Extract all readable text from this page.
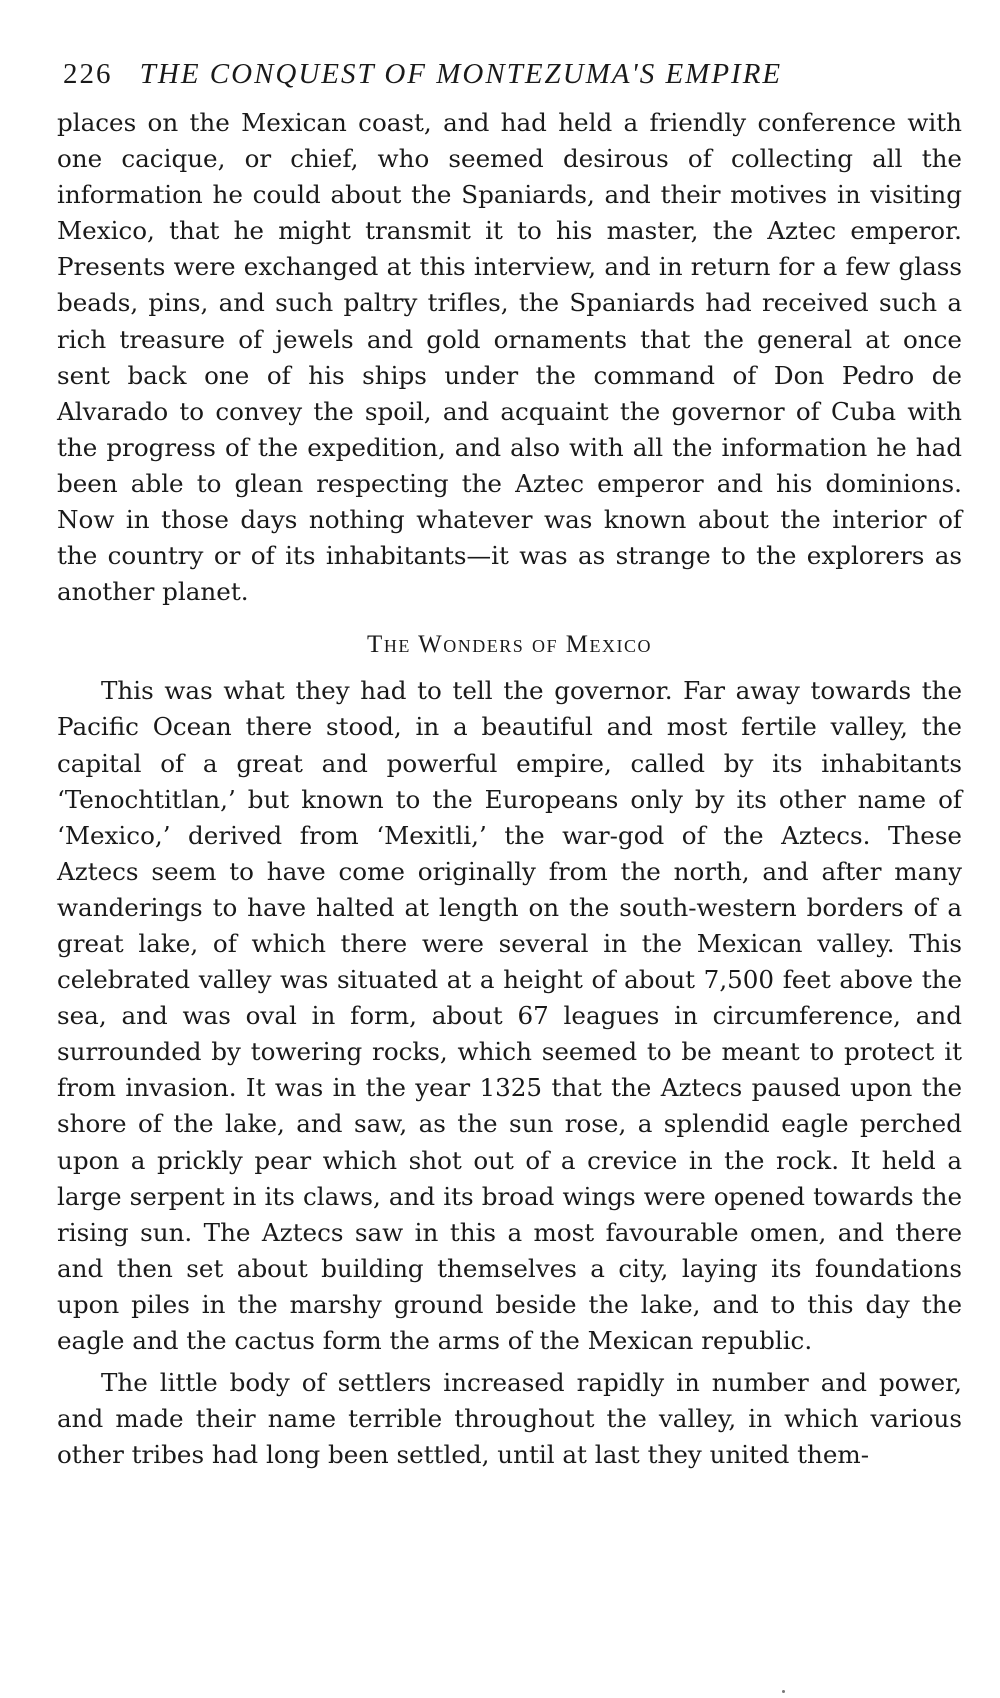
226 THE CONQUEST OF MONTEZUMA'S EMPIRE

places on the Mexican coast, and had held a friendly conference with one cacique, or chief, who seemed desirous of collecting all the information he could about the Spaniards, and their motives in visiting Mexico, that he might transmit it to his master, the Aztec emperor. Presents were exchanged at this interview, and in return for a few glass beads, pins, and such paltry trifles, the Spaniards had received such a rich treasure of jewels and gold ornaments that the general at once sent back one of his ships under the command of Don Pedro de Alvarado to convey the spoil, and acquaint the governor of Cuba with the progress of the expedition, and also with all the information he had been able to glean respecting the Aztec emperor and his dominions. Now in those days nothing whatever was known about the interior of the country or of its inhabitants—it was as strange to the explorers as another planet.

The Wonders of Mexico

This was what they had to tell the governor. Far away towards the Pacific Ocean there stood, in a beautiful and most fertile valley, the capital of a great and powerful empire, called by its inhabitants ‘Tenochtitlan,’ but known to the Europeans only by its other name of ‘Mexico,’ derived from ‘Mexitli,’ the war-god of the Aztecs. These Aztecs seem to have come originally from the north, and after many wanderings to have halted at length on the south-western borders of a great lake, of which there were several in the Mexican valley. This celebrated valley was situated at a height of about 7,500 feet above the sea, and was oval in form, about 67 leagues in circumference, and surrounded by towering rocks, which seemed to be meant to protect it from invasion. It was in the year 1325 that the Aztecs paused upon the shore of the lake, and saw, as the sun rose, a splendid eagle perched upon a prickly pear which shot out of a crevice in the rock. It held a large serpent in its claws, and its broad wings were opened towards the rising sun. The Aztecs saw in this a most favourable omen, and there and then set about building themselves a city, laying its foundations upon piles in the marshy ground beside the lake, and to this day the eagle and the cactus form the arms of the Mexican republic.

The little body of settlers increased rapidly in number and power, and made their name terrible throughout the valley, in which various other tribes had long been settled, until at last they united them-
